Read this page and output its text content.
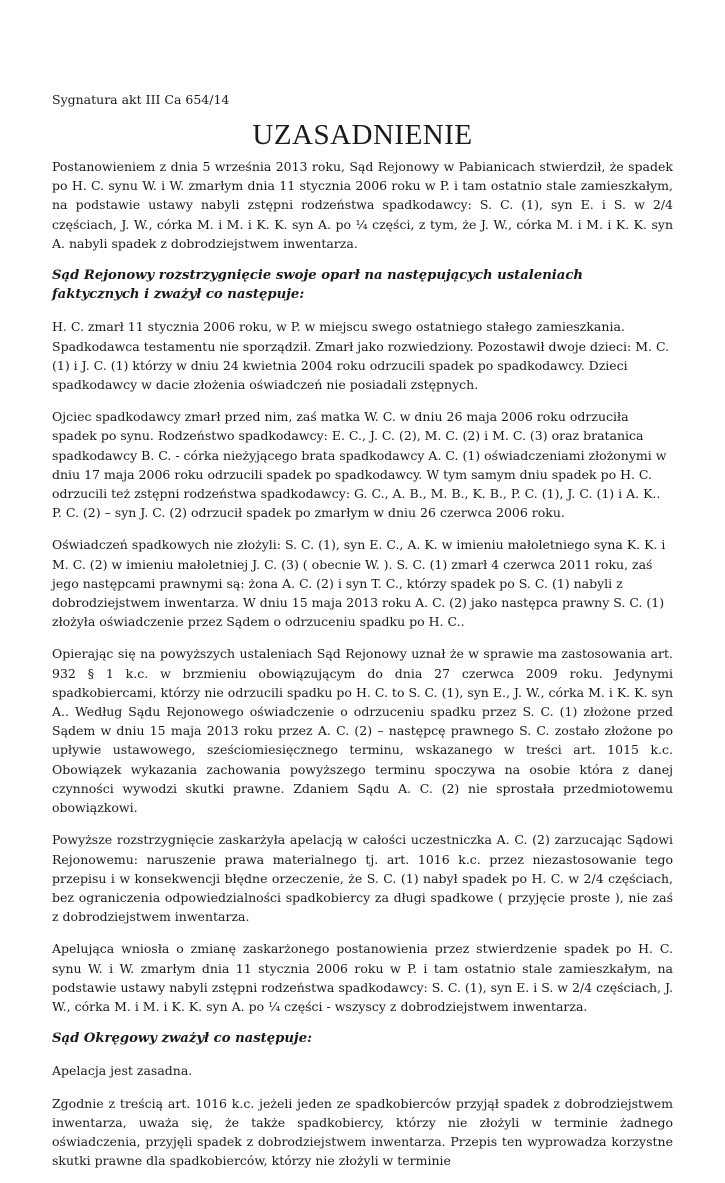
Sygnatura akt III Ca 654/14

UZASADNIENIE

Postanowieniem z dnia 5 września 2013 roku, Sąd Rejonowy w Pabianicach stwierdził, że spadek po H. C. synu W. i W. zmarłym dnia 11 stycznia 2006 roku w P. i tam ostatnio stale zamieszkałym, na podstawie ustawy nabyli zstępni rodzeństwa spadkodawcy: S. C. (1), syn E. i S. w 2/4 częściach, J. W., córka M. i M. i K. K. syn A. po ¼ części, z tym, że J. W., córka M. i M. i K. K. syn A. nabyli spadek z dobrodziejstwem inwentarza.

Sąd Rejonowy rozstrzygnięcie swoje oparł na następujących ustaleniach faktycznych i zważył co następuje:

H. C. zmarł 11 stycznia 2006 roku, w P. w miejscu swego ostatniego stałego zamieszkania. Spadkodawca testamentu nie sporządził. Zmarł jako rozwiedziony. Pozostawił dwoje dzieci: M. C. (1) i J. C. (1) którzy w dniu 24 kwietnia 2004 roku odrzucili spadek po spadkodawcy. Dzieci spadkodawcy w dacie złożenia oświadczeń nie posiadali zstępnych.

Ojciec spadkodawcy zmarł przed nim, zaś matka W. C. w dniu 26 maja 2006 roku odrzuciła spadek po synu. Rodzeństwo spadkodawcy: E. C., J. C. (2), M. C. (2) i M. C. (3) oraz bratanica spadkodawcy B. C. - córka nieżyjącego brata spadkodawcy A. C. (1) oświadczeniami złożonymi w dniu 17 maja 2006 roku odrzucili spadek po spadkodawcy. W tym samym dniu spadek po H. C. odrzucili też zstępni rodzeństwa spadkodawcy: G. C., A. B., M. B., K. B., P. C. (1), J. C. (1) i A. K.. P. C. (2) – syn J. C. (2) odrzucił spadek po zmarłym w dniu 26 czerwca 2006 roku.

Oświadczeń spadkowych nie złożyli: S. C. (1), syn E. C., A. K. w imieniu małoletniego syna K. K. i M. C. (2) w imieniu małoletniej J. C. (3) ( obecnie W. ). S. C. (1) zmarł 4 czerwca 2011 roku, zaś jego następcami prawnymi są: żona A. C. (2) i syn T. C., którzy spadek po S. C. (1) nabyli z dobrodziejstwem inwentarza. W dniu 15 maja 2013 roku A. C. (2) jako następca prawny S. C. (1) złożyła oświadczenie przez Sądem o odrzuceniu spadku po H. C..

Opierając się na powyższych ustaleniach Sąd Rejonowy uznał że w sprawie ma zastosowania art. 932 § 1 k.c. w brzmieniu obowiązującym do dnia 27 czerwca 2009 roku. Jedynymi spadkobiercami, którzy nie odrzucili spadku po H. C. to S. C. (1), syn E., J. W., córka M. i K. K. syn A.. Według Sądu Rejonowego oświadczenie o odrzuceniu spadku przez S. C. (1) złożone przed Sądem w dniu 15 maja 2013 roku przez A. C. (2) – następcę prawnego S. C. zostało złożone po upływie ustawowego, sześciomiesięcznego terminu, wskazanego w treści art. 1015 k.c. Obowiązek wykazania zachowania powyższego terminu spoczywa na osobie która z danej czynności wywodzi skutki prawne. Zdaniem Sądu A. C. (2) nie sprostała przedmiotowemu obowiązkowi.

Powyższe rozstrzygnięcie zaskarżyła apelacją w całości uczestniczka A. C. (2) zarzucając Sądowi Rejonowemu: naruszenie prawa materialnego tj. art. 1016 k.c. przez niezastosowanie tego przepisu i w konsekwencji błędne orzeczenie, że S. C. (1) nabył spadek po H. C. w 2/4 częściach, bez ograniczenia odpowiedzialności spadkobiercy za długi spadkowe ( przyjęcie proste ), nie zaś z dobrodziejstwem inwentarza.

Apelująca wniosła o zmianę zaskarżonego postanowienia przez stwierdzenie spadek po H. C. synu W. i W. zmarłym dnia 11 stycznia 2006 roku w P. i tam ostatnio stale zamieszkałym, na podstawie ustawy nabyli zstępni rodzeństwa spadkodawcy: S. C. (1), syn E. i S. w 2/4 częściach, J. W., córka M. i M. i K. K. syn A. po ¼ części - wszyscy z dobrodziejstwem inwentarza.

Sąd Okręgowy zważył co następuje:

Apelacja jest zasadna.

Zgodnie z treścią art. 1016 k.c. jeżeli jeden ze spadkobierców przyjął spadek z dobrodziejstwem inwentarza, uważa się, że także spadkobiercy, którzy nie złożyli w terminie żadnego oświadczenia, przyjęli spadek z dobrodziejstwem inwentarza. Przepis ten wyprowadza korzystne skutki prawne dla spadkobierców, którzy nie złożyli w terminie
